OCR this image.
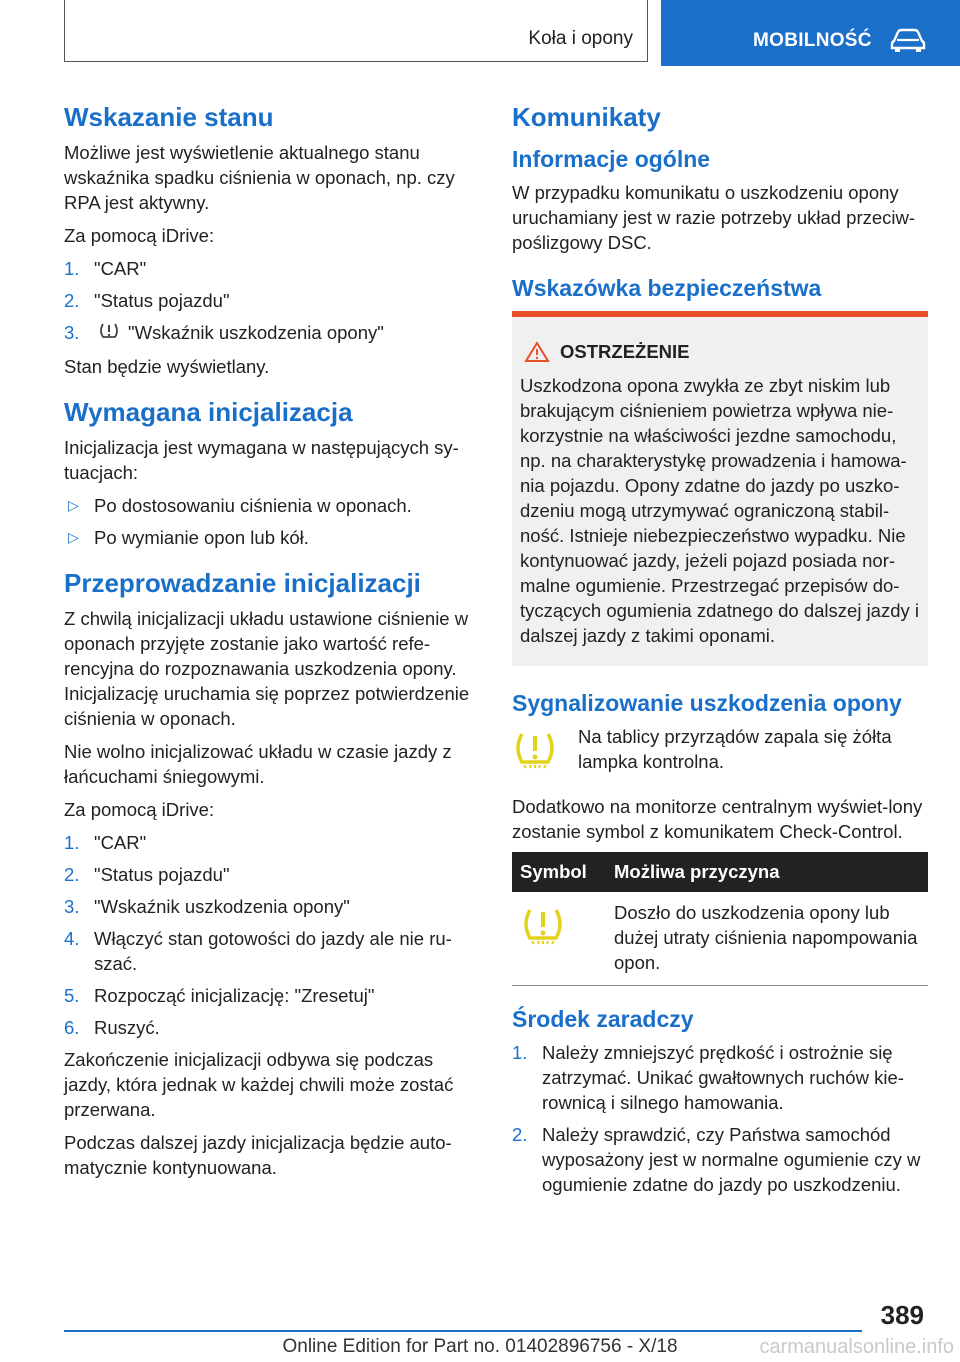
Koła i opony	MOBILNOŚĆ
Wskazanie stanu

Możliwe jest wyświetlenie aktualnego stanu wskaźnika spadku ciśnienia w oponach, np. czy RPA jest aktywny.

Za pomocą iDrive:

1. "CAR"
2. "Status pojazdu"
3.	"Wskaźnik uszkodzenia opony"

Stan będzie wyświetlany.

Wymagana inicjalizacja

Inicjalizacja jest wymagana w następujących sy-tuacjach:

▷ Po dostosowaniu ciśnienia w oponach.
▷ Po wymianie opon lub kół.
Przeprowadzanie inicjalizacji

Z chwilą inicjalizacji układu ustawione ciśnienie w oponach przyjęte zostanie jako wartość refe-rencyjna do rozpoznawania uszkodzenia opony. Inicjalizację uruchamia się poprzez potwierdzenie ciśnienia w oponach.

Nie wolno inicjalizować układu w czasie jazdy z łańcuchami śniegowymi.

Za pomocą iDrive:

1. "CAR"
2. "Status pojazdu"
3. "Wskaźnik uszkodzenia opony"
4. Włączyć stan gotowości do jazdy ale nie ru-szać.
5. Rozpocząć inicjalizację: "Zresetuj"
6. Ruszyć.

Zakończenie inicjalizacji odbywa się podczas jazdy, która jednak w każdej chwili może zostać przerwana.

Podczas dalszej jazdy inicjalizacja będzie auto-matycznie kontynuowana.

Komunikaty
Informacje ogólne

W przypadku komunikatu o uszkodzeniu opony uruchamiany jest w razie potrzeby układ przeciw-poślizgowy DSC.

Wskazówka bezpieczeństwa
OSTRZEŻENIE

Uszkodzona opona zwykła ze zbyt niskim lub brakującym ciśnieniem powietrza wpływa nie-korzystnie na właściwości jezdne samochodu, np. na charakterystykę prowadzenia i hamowa-nia pojazdu. Opony zdatne do jazdy po uszko-dzeniu mogą utrzymywać ograniczoną stabil-ność. Istnieje niebezpieczeństwo wypadku. Nie kontynuować jazdy, jeżeli pojazd posiada nor-malne ogumienie. Przestrzegać przepisów do-tyczących ogumienia zdatnego do dalszej jazdy i dalszej jazdy z takimi oponami.

Sygnalizowanie uszkodzenia opony

Na tablicy przyrządów zapala się żółta lampka kontrolna.

Dodatkowo na monitorze centralnym wyświet-lony zostanie symbol z komunikatem Check-Control.

Symbol	Możliwa przyczyna
	Doszło do uszkodzenia opony lub dużej utraty ciśnienia napompowania opon.
Środek zaradczy
1. Należy zmniejszyć prędkość i ostrożnie się zatrzymać. Unikać gwałtownych ruchów kie-rownicą i silnego hamowania.
2. Należy sprawdzić, czy Państwa samochód wyposażony jest w normalne ogumienie czy w ogumienie zdatne do jazdy po uszkodzeniu.
389
Online Edition for Part no. 01402896756 - X/18	carmanualsonline.info
